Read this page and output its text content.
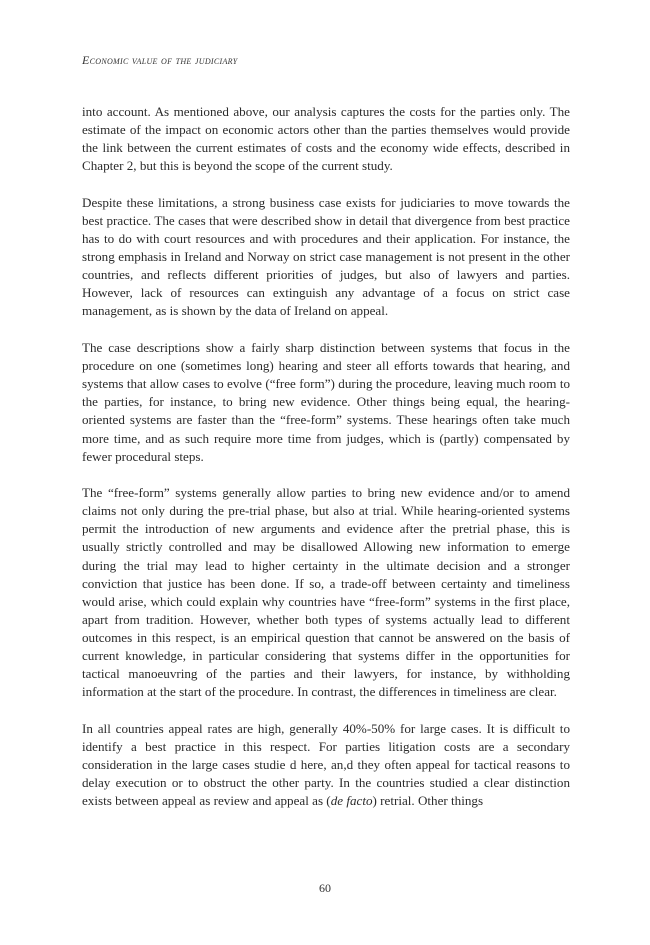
Economic value of the judiciary

into account. As mentioned above, our analysis captures the costs for the parties only. The estimate of the impact on economic actors other than the parties themselves would provide the link between the current estimates of costs and the economy wide effects, described in Chapter 2, but this is beyond the scope of the current study.

Despite these limitations, a strong business case exists for judiciaries to move towards the best practice. The cases that were described show in detail that divergence from best practice has to do with court resources and with procedures and their application. For instance, the strong emphasis in Ireland and Norway on strict case management is not present in the other countries, and reflects different priorities of judges, but also of lawyers and parties. However, lack of resources can extinguish any advantage of a focus on strict case management, as is shown by the data of Ireland on appeal.

The case descriptions show a fairly sharp distinction between systems that focus in the procedure on one (sometimes long) hearing and steer all efforts towards that hearing, and systems that allow cases to evolve (“free form”) during the procedure, leaving much room to the parties, for instance, to bring new evidence. Other things being equal, the hearing-oriented systems are faster than the “free-form” systems. These hearings often take much more time, and as such require more time from judges, which is (partly) compensated by fewer procedural steps.

The “free-form” systems generally allow parties to bring new evidence and/or to amend claims not only during the pre-trial phase, but also at trial. While hearing-oriented systems permit the introduction of new arguments and evidence after the pretrial phase, this is usually strictly controlled and may be disallowed Allowing new information to emerge during the trial may lead to higher certainty in the ultimate decision and a stronger conviction that justice has been done. If so, a trade-off between certainty and timeliness would arise, which could explain why countries have “free-form” systems in the first place, apart from tradition. However, whether both types of systems actually lead to different outcomes in this respect, is an empirical question that cannot be answered on the basis of current knowledge, in particular considering that systems differ in the opportunities for tactical manoeuvring of the parties and their lawyers, for instance, by withholding information at the start of the procedure. In contrast, the differences in timeliness are clear.

In all countries appeal rates are high, generally 40%-50% for large cases. It is difficult to identify a best practice in this respect. For parties litigation costs are a secondary consideration in the large cases studie d here, an,d they often appeal for tactical reasons to delay execution or to obstruct the other party. In the countries studied a clear distinction exists between appeal as review and appeal as (de facto) retrial. Other things

60
